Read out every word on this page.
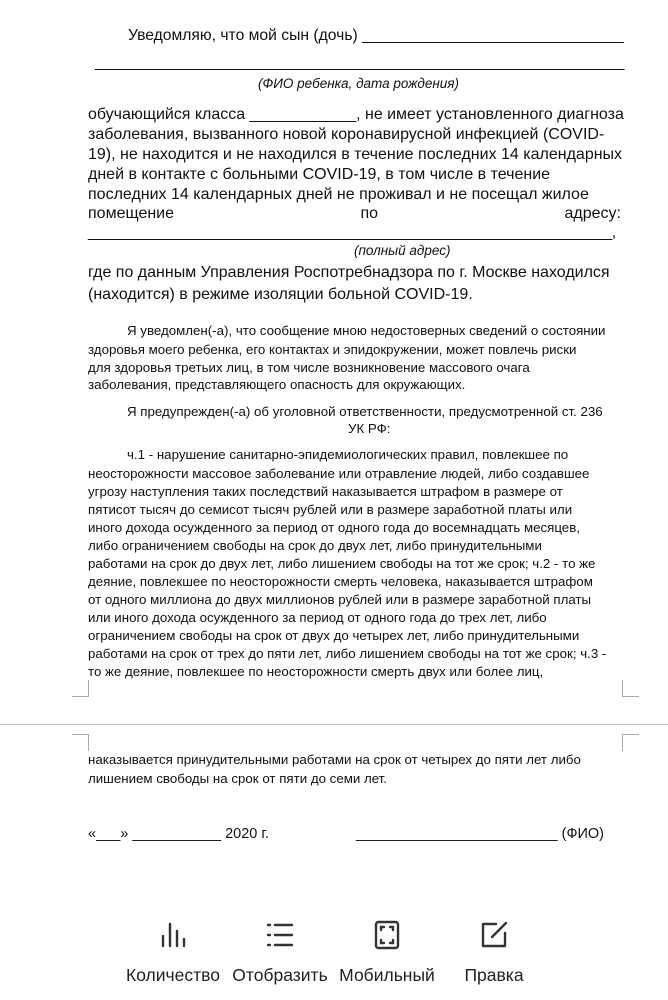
Уведомляю, что мой сын (дочь) ______________________________
____________________________________________________________________
(ФИО ребенка, дата рождения)
обучающийся класса ____________, не имеет установленного диагноза
заболевания, вызванного новой коронавирусной инфекцией (COVID-
19), не находится и не находился в течение последних 14 календарных
дней в контакте с больными COVID-19, в том числе в течение
последних 14 календарных дней не проживал и не посещал жилое
помещение	по	адресу:
______________________________________________________________,
(полный адрес)
где по данным Управления Роспотребнадзора по г. Москве находился
(находится) в режиме изоляции больной COVID-19.
Я уведомлен(-а), что сообщение мною недостоверных сведений о состоянии
здоровья моего ребенка, его контактах и эпидокружении, может повлечь риски
для здоровья третьих лиц, в том числе возникновение массового очага
заболевания, представляющего опасность для окружающих.
Я предупрежден(-а) об уголовной ответственности, предусмотренной ст. 236
УК РФ:
ч.1 - нарушение санитарно-эпидемиологических правил, повлекшее по
неосторожности массовое заболевание или отравление людей, либо создавшее
угрозу наступления таких последствий наказывается штрафом в размере от
пятисот тысяч до семисот тысяч рублей или в размере заработной платы или
иного дохода осужденного за период от одного года до восемнадцать месяцев,
либо ограничением свободы на срок до двух лет, либо принудительными
работами на срок до двух лет, либо лишением свободы на тот же срок; ч.2 - то же
деяние, повлекшее по неосторожности смерть человека, наказывается штрафом
от одного миллиона до двух миллионов рублей или в размере заработной платы
или иного дохода осужденного за период от одного года до трех лет, либо
ограничением свободы на срок от двух до четырех лет, либо принудительными
работами на срок от трех до пяти лет, либо лишением свободы на тот же срок; ч.3 -
то же деяние, повлекшее по неосторожности смерть двух или более лиц,
наказывается принудительными работами на срок от четырех до пяти лет либо
лишением свободы на срок от пяти до семи лет.
«___» ___________ 2020 г.	_________________________ (ФИО)
Количество Отобразить Мобильный Правка
